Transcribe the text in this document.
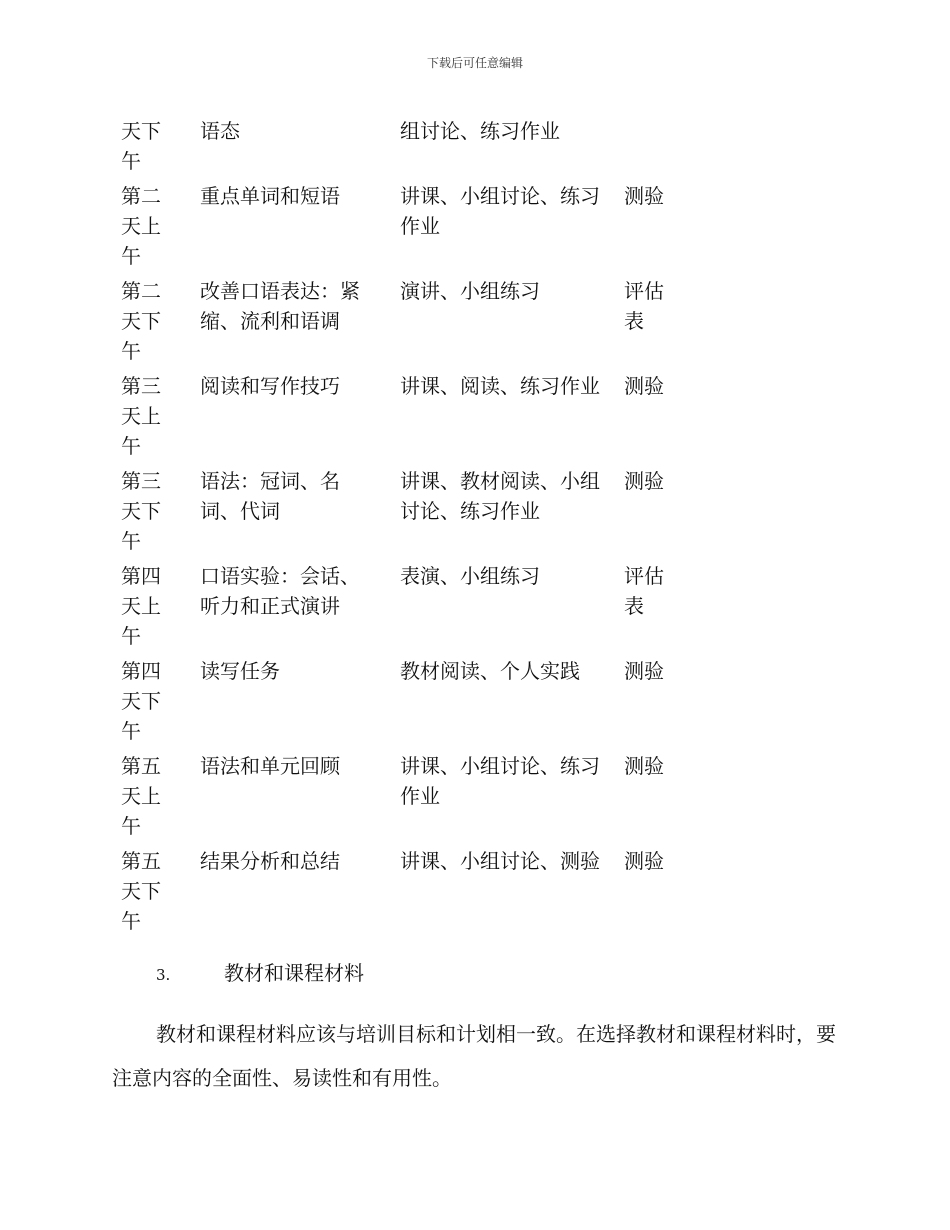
下载后可任意编辑
天下午	语态	组讨论、练习作业	
第二天上午	重点单词和短语	讲课、小组讨论、练习作业	测验
第二天下午	改善口语表达：紧缩、流利和语调	演讲、小组练习	评估表
第三天上午	阅读和写作技巧	讲课、阅读、练习作业	测验
第三天下午	语法：冠词、名词、代词	讲课、教材阅读、小组讨论、练习作业	测验
第四天上午	口语实验：会话、听力和正式演讲	表演、小组练习	评估表
第四天下午	读写任务	教材阅读、个人实践	测验
第五天上午	语法和单元回顾	讲课、小组讨论、练习作业	测验
第五天下午	结果分析和总结	讲课、小组讨论、测验	测验
3.	教材和课程材料
教材和课程材料应该与培训目标和计划相一致。在选择教材和课程材料时，要注意内容的全面性、易读性和有用性。
